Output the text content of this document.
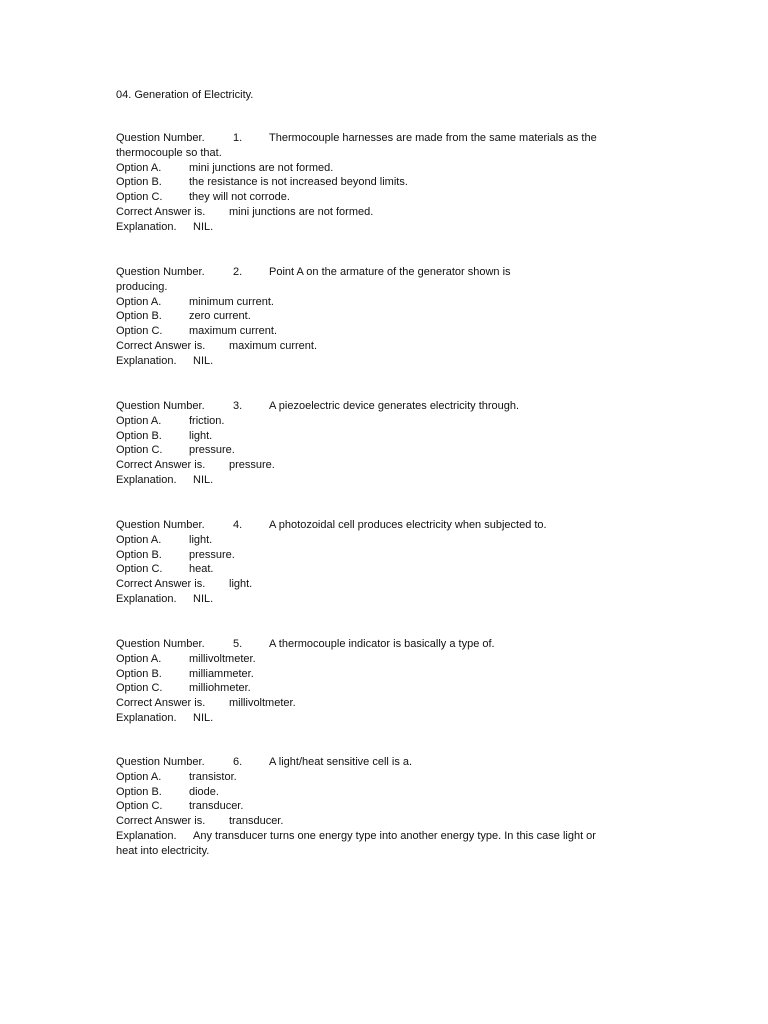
04. Generation of Electricity.
Question Number.	1. Thermocouple harnesses are made from the same materials as the
thermocouple so that.
Option A.	mini junctions are not formed.
Option B. the resistance is not increased beyond limits.
Option C. they will not corrode.
Correct Answer is. mini junctions are not formed.
Explanation. NIL.
Question Number.	2. Point A on the armature of the generator shown is
producing.
Option A.	minimum current.
Option B. zero current.
Option C. maximum current.
Correct Answer is. maximum current.
Explanation. NIL.
Question Number.	3. A piezoelectric device generates electricity through.
Option A.	friction.
Option B. light.
Option C. pressure.
Correct Answer is. pressure.
Explanation. NIL.
Question Number.	4. A photozoidal cell produces electricity when subjected to.
Option A.	light.
Option B. pressure.
Option C. heat.
Correct Answer is. light.
Explanation. NIL.
Question Number.	5. A thermocouple indicator is basically a type of.
Option A.	millivoltmeter.
Option B. milliammeter.
Option C. milliohmeter.
Correct Answer is. millivoltmeter.
Explanation. NIL.
Question Number.	6. A light/heat sensitive cell is a.
Option A.	transistor.
Option B. diode.
Option C. transducer.
Correct Answer is. transducer.
Explanation. Any transducer turns one energy type into another energy type. In this case light or
heat into electricity.
